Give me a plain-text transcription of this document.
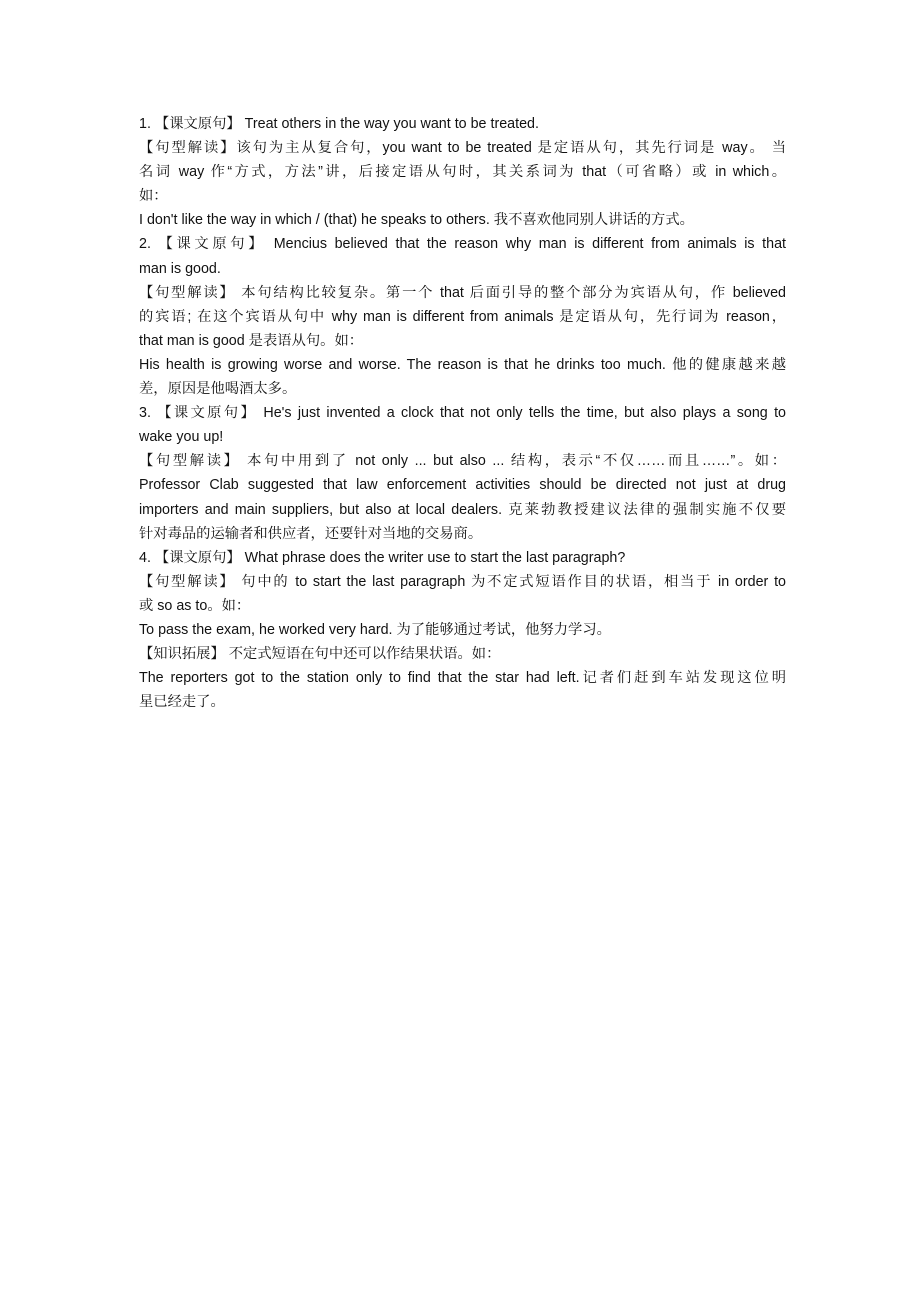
1. 【课文原句】 Treat others in the way you want to be treated.
【句型解读】该句为主从复合句，you want to be treated 是定语从句，其先行词是 way。 当
名词 way 作“方式，方法”讲，后接定语从句时，其关系词为 that（可省略）或 in which。
如：
I don't like the way in which / (that) he speaks to others. 我不喜欢他同别人讲话的方式。
2. 【课文原句】 Mencius believed that the reason why man is different from animals is that
man is good.
【句型解读】 本句结构比较复杂。第一个 that 后面引导的整个部分为宾语从句，作 believed
的宾语; 在这个宾语从句中 why man is different from animals 是定语从句，先行词为 reason，
that man is good 是表语从句。如：
His health is growing worse and worse. The reason is that he drinks too much. 他的健康越来越
差，原因是他喝酒太多。
3. 【课文原句】 He's just invented a clock that not only tells the time, but also plays a song to
wake you up!
【句型解读】 本句中用到了 not only ... but also ... 结构，表示“不仅……而且……”。如：
Professor Clab suggested that law enforcement activities should be directed not just at drug
importers and main suppliers, but also at local dealers. 克莱勃教授建议法律的强制实施不仅要
针对毒品的运输者和供应者，还要针对当地的交易商。
4. 【课文原句】 What phrase does the writer use to start the last paragraph?
【句型解读】 句中的 to start the last paragraph 为不定式短语作目的状语，相当于 in order to
或 so as to。如：
To pass the exam, he worked very hard. 为了能够通过考试，他努力学习。
【知识拓展】 不定式短语在句中还可以作结果状语。如：
The reporters got to the station only to find that the star had left.记者们赶到车站发现这位明
星已经走了。
